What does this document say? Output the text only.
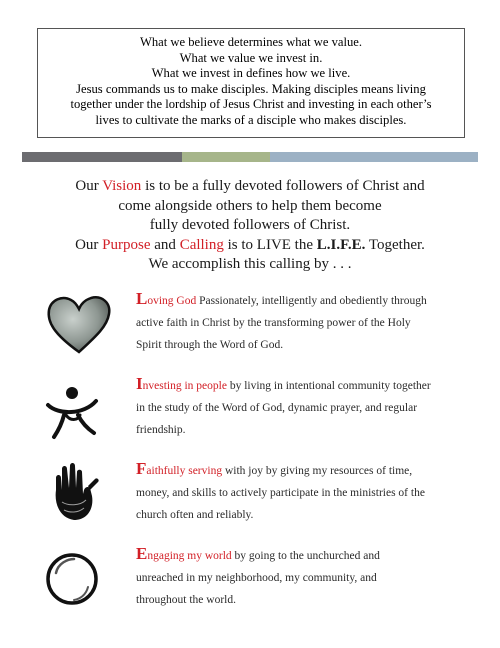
What we believe determines what we value.
What we value we invest in.
What we invest in defines how we live.
Jesus commands us to make disciples. Making disciples means living
together under the lordship of Jesus Christ and investing in each other’s
lives to cultivate the marks of a disciple who makes disciples.
Our Vision is to be a fully devoted followers of Christ and
come alongside others to help them become
fully devoted followers of Christ.
Our Purpose and Calling is to LIVE the L.I.F.E. Together.
We accomplish this calling by . . .
Loving God Passionately, intelligently and obediently through
active faith in Christ by the transforming power of the Holy
Spirit through the Word of God.
Investing in people by living in intentional community together
in the study of the Word of God, dynamic prayer, and regular
friendship.
Faithfully serving with joy by giving my resources of time,
money, and skills to actively participate in the ministries of the
church often and reliably.
Engaging my world by going to the unchurched and
unreached in my neighborhood, my community, and
throughout the world.
